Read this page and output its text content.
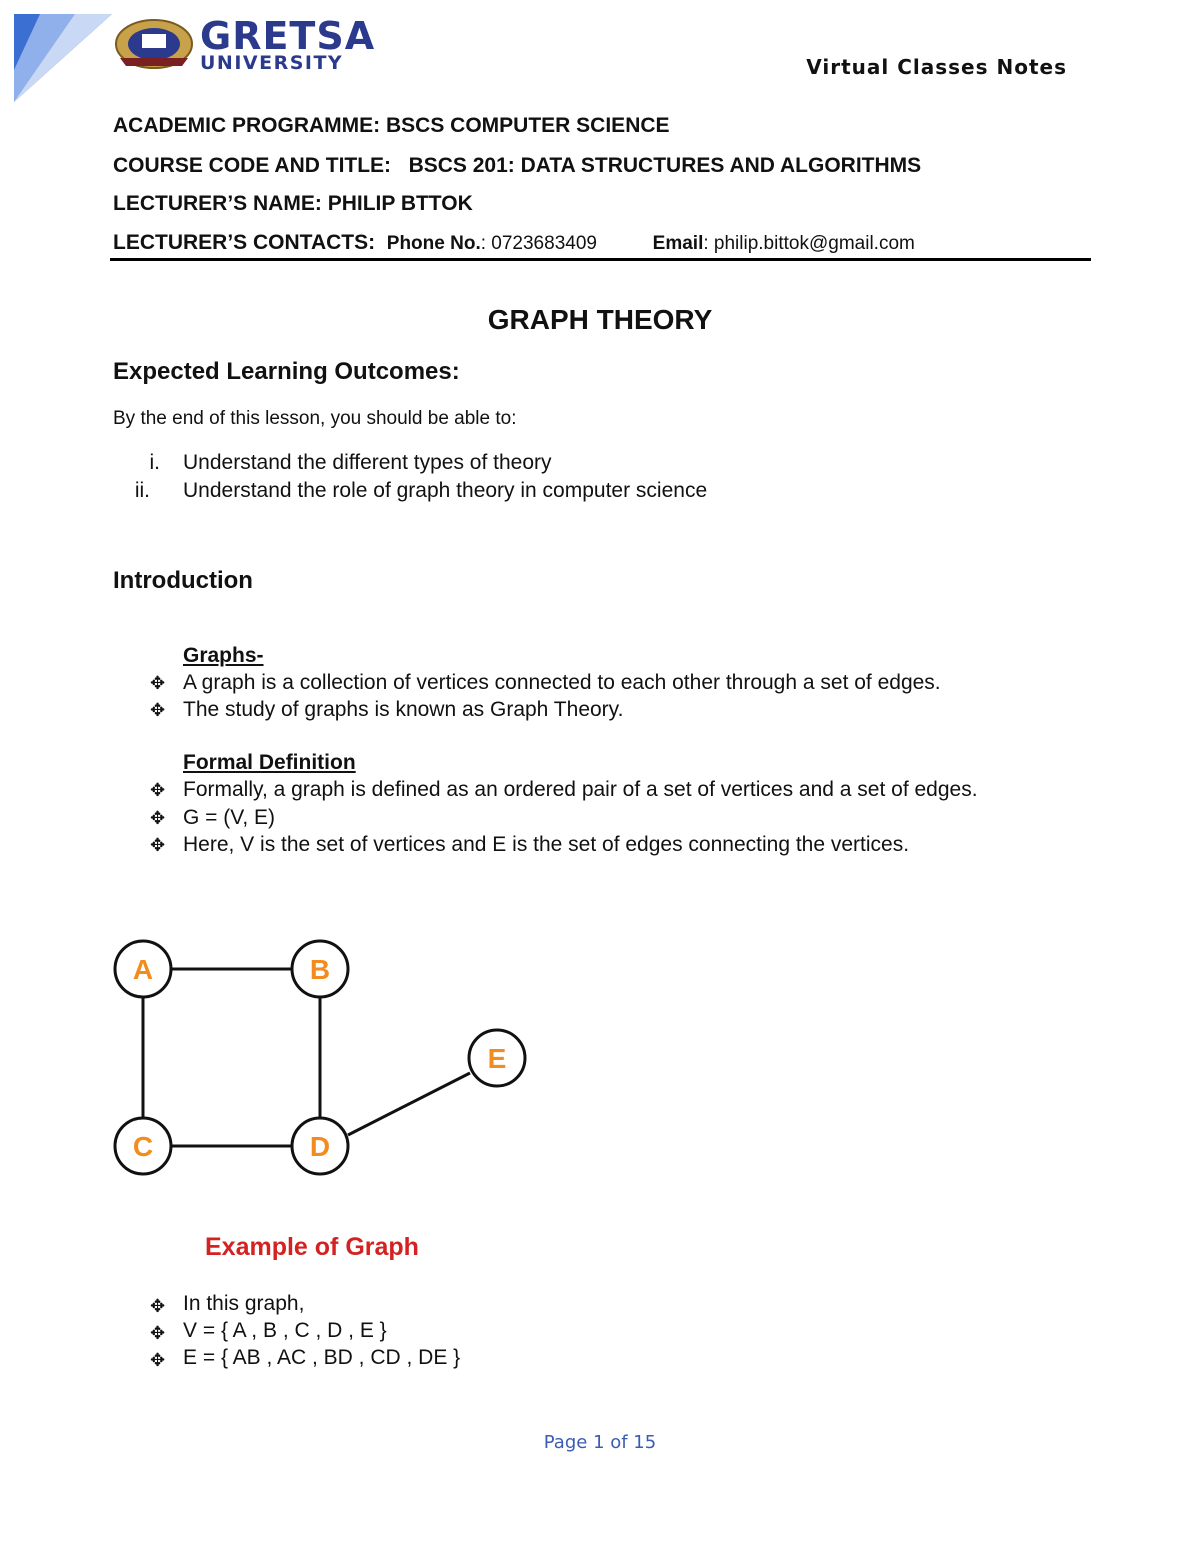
GRETSA
UNIVERSITY	Virtual Classes Notes
ACADEMIC PROGRAMME: BSCS COMPUTER SCIENCE
COURSE CODE AND TITLE: BSCS 201: DATA STRUCTURES AND ALGORITHMS
LECTURER’S NAME: PHILIP BTTOK
LECTURER’S CONTACTS: Phone No.: 0723683409	Email: philip.bittok@gmail.com
GRAPH THEORY
Expected Learning Outcomes:
By the end of this lesson, you should be able to:
i. Understand the different types of theory
ii. Understand the role of graph theory in computer science
Introduction
Graphs-
✥ A graph is a collection of vertices connected to each other through a set of edges.
✥ The study of graphs is known as Graph Theory.
Formal Definition
✥ Formally, a graph is defined as an ordered pair of a set of vertices and a set of edges.
✥ G = (V, E)
✥ Here, V is the set of vertices and E is the set of edges connecting the vertices.
A	B
C	D
E
Example of Graph
✥ In this graph,
✥ V = { A , B , C , D , E }
✥ E = { AB , AC , BD , CD , DE }
Page 1 of 15
